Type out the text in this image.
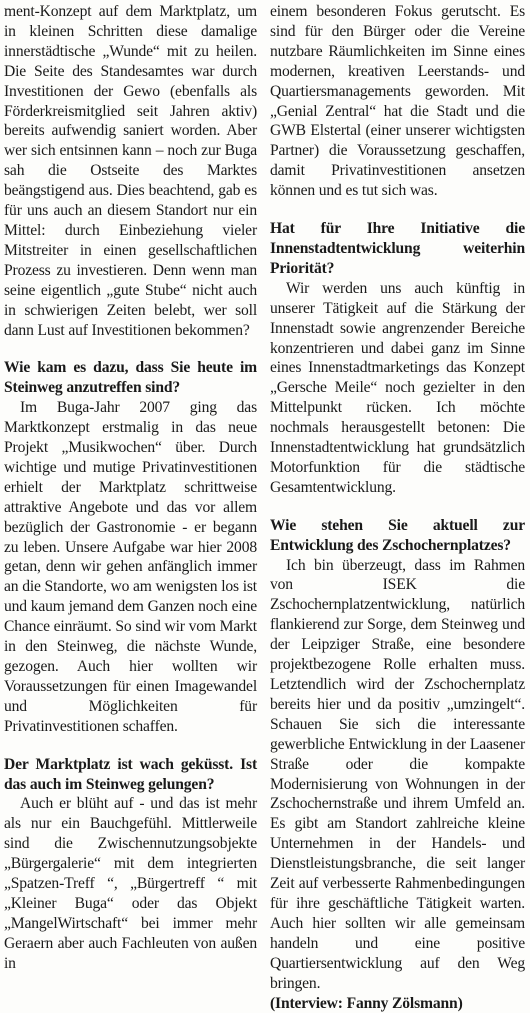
ment-Konzept auf dem Marktplatz, um in kleinen Schritten diese damalige innerstädtische „Wunde“ mit zu heilen. Die Seite des Standesamtes war durch Investitionen der Gewo (ebenfalls als Förderkreismitglied seit Jahren aktiv) bereits aufwendig saniert worden. Aber wer sich entsinnen kann – noch zur Buga sah die Ostseite des Marktes beängstigend aus. Dies beachtend, gab es für uns auch an diesem Standort nur ein Mittel: durch Einbeziehung vieler Mitstreiter in einen gesellschaftlichen Prozess zu investieren. Denn wenn man seine eigentlich „gute Stube“ nicht auch in schwierigen Zeiten belebt, wer soll dann Lust auf Investitionen bekommen?

Wie kam es dazu, dass Sie heute im Steinweg anzutreffen sind?

Im Buga-Jahr 2007 ging das Marktkonzept erstmalig in das neue Projekt „Musikwochen“ über. Durch wichtige und mutige Privatinvestitionen erhielt der Marktplatz schrittweise attraktive Angebote und das vor allem bezüglich der Gastronomie - er begann zu leben. Unsere Aufgabe war hier 2008 getan, denn wir gehen anfänglich immer an die Standorte, wo am wenigsten los ist und kaum jemand dem Ganzen noch eine Chance einräumt. So sind wir vom Markt in den Steinweg, die nächste Wunde, gezogen. Auch hier wollten wir Voraussetzungen für einen Imagewandel und Möglichkeiten für Privatinvestitionen schaffen.

Der Marktplatz ist wach geküsst. Ist das auch im Steinweg gelungen?

Auch er blüht auf - und das ist mehr als nur ein Bauchgefühl. Mittlerweile sind die Zwischennutzungsobjekte „Bürgergalerie“ mit dem integrierten „Spatzen-Treff “, „Bürgertreff “ mit „Kleiner Buga“ oder das Objekt „MangelWirtschaft“ bei immer mehr Geraern aber auch Fachleuten von außen in

einem besonderen Fokus gerutscht. Es sind für den Bürger oder die Vereine nutzbare Räumlichkeiten im Sinne eines modernen, kreativen Leerstands- und Quartiersmanagements geworden. Mit „Genial Zentral“ hat die Stadt und die GWB Elstertal (einer unserer wichtigsten Partner) die Voraussetzung geschaffen, damit Privatinvestitionen ansetzen können und es tut sich was.

Hat für Ihre Initiative die Innenstadtentwicklung weiterhin Priorität?

Wir werden uns auch künftig in unserer Tätigkeit auf die Stärkung der Innenstadt sowie angrenzender Bereiche konzentrieren und dabei ganz im Sinne eines Innenstadtmarketings das Konzept „Gersche Meile“ noch gezielter in den Mittelpunkt rücken. Ich möchte nochmals herausgestellt betonen: Die Innenstadtentwicklung hat grundsätzlich Motorfunktion für die städtische Gesamtentwicklung.

Wie stehen Sie aktuell zur Entwicklung des Zschochernplatzes?

Ich bin überzeugt, dass im Rahmen von ISEK die Zschochernplatzentwicklung, natürlich flankierend zur Sorge, dem Steinweg und der Leipziger Straße, eine besondere projektbezogene Rolle erhalten muss. Letztendlich wird der Zschochernplatz bereits hier und da positiv „umzingelt“. Schauen Sie sich die interessante gewerbliche Entwicklung in der Laasener Straße oder die kompakte Modernisierung von Wohnungen in der Zschochernstraße und ihrem Umfeld an. Es gibt am Standort zahlreiche kleine Unternehmen in der Handels- und Dienstleistungsbranche, die seit langer Zeit auf verbesserte Rahmenbedingungen für ihre geschäftliche Tätigkeit warten. Auch hier sollten wir alle gemeinsam handeln und eine positive Quartiersentwicklung auf den Weg bringen.

(Interview: Fanny Zölsmann)
